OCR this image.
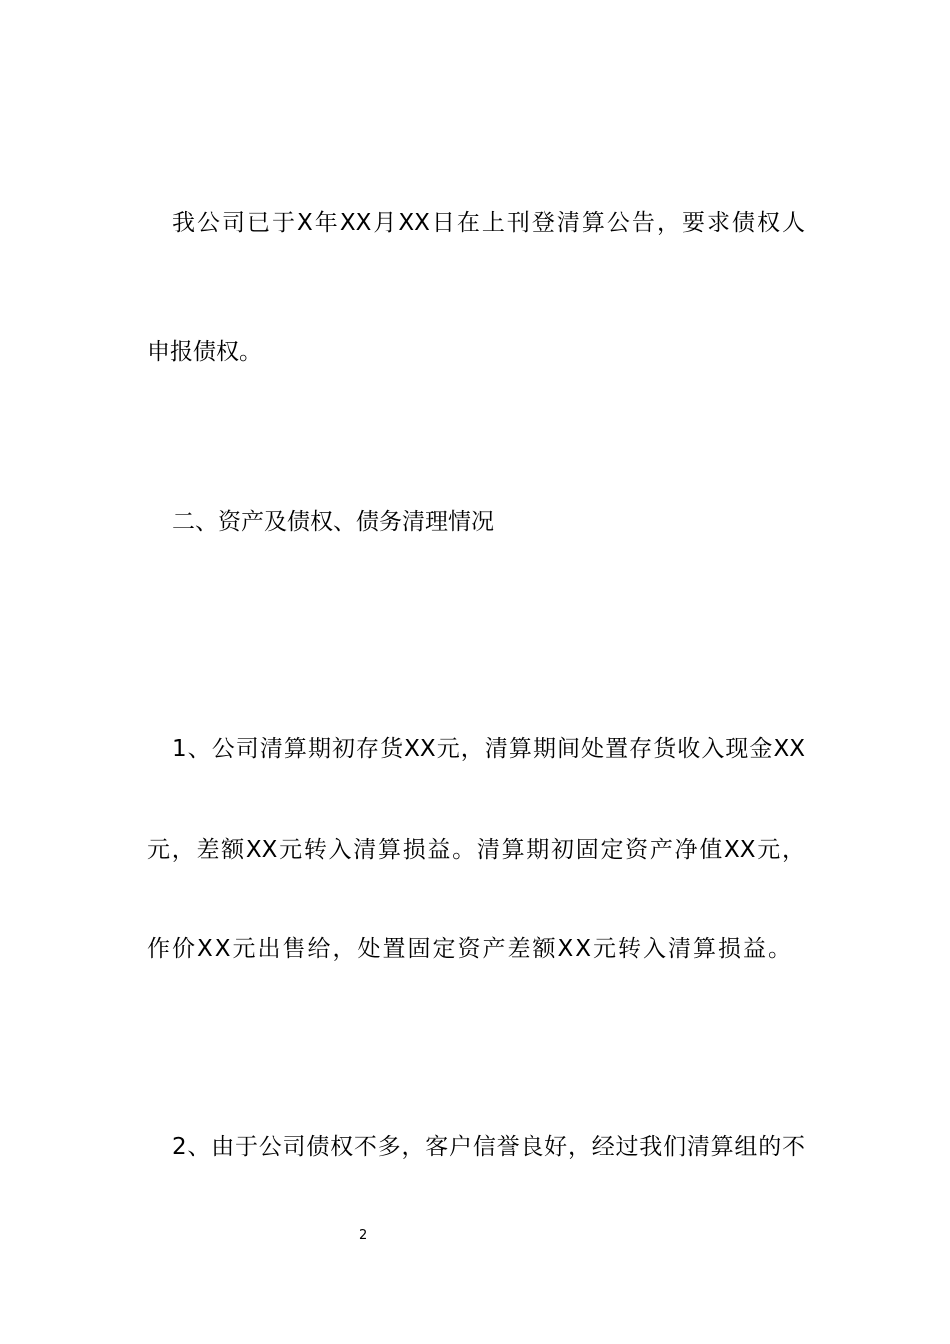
我公司已于X年XX月XX日在上刊登清算公告，要求债权人
申报债权。
二、资产及债权、债务清理情况
1、公司清算期初存货XX元，清算期间处置存货收入现金XX
元，差额XX元转入清算损益。清算期初固定资产净值XX元，
作价XX元出售给，处置固定资产差额XX元转入清算损益。
2、由于公司债权不多，客户信誉良好，经过我们清算组的不
2
